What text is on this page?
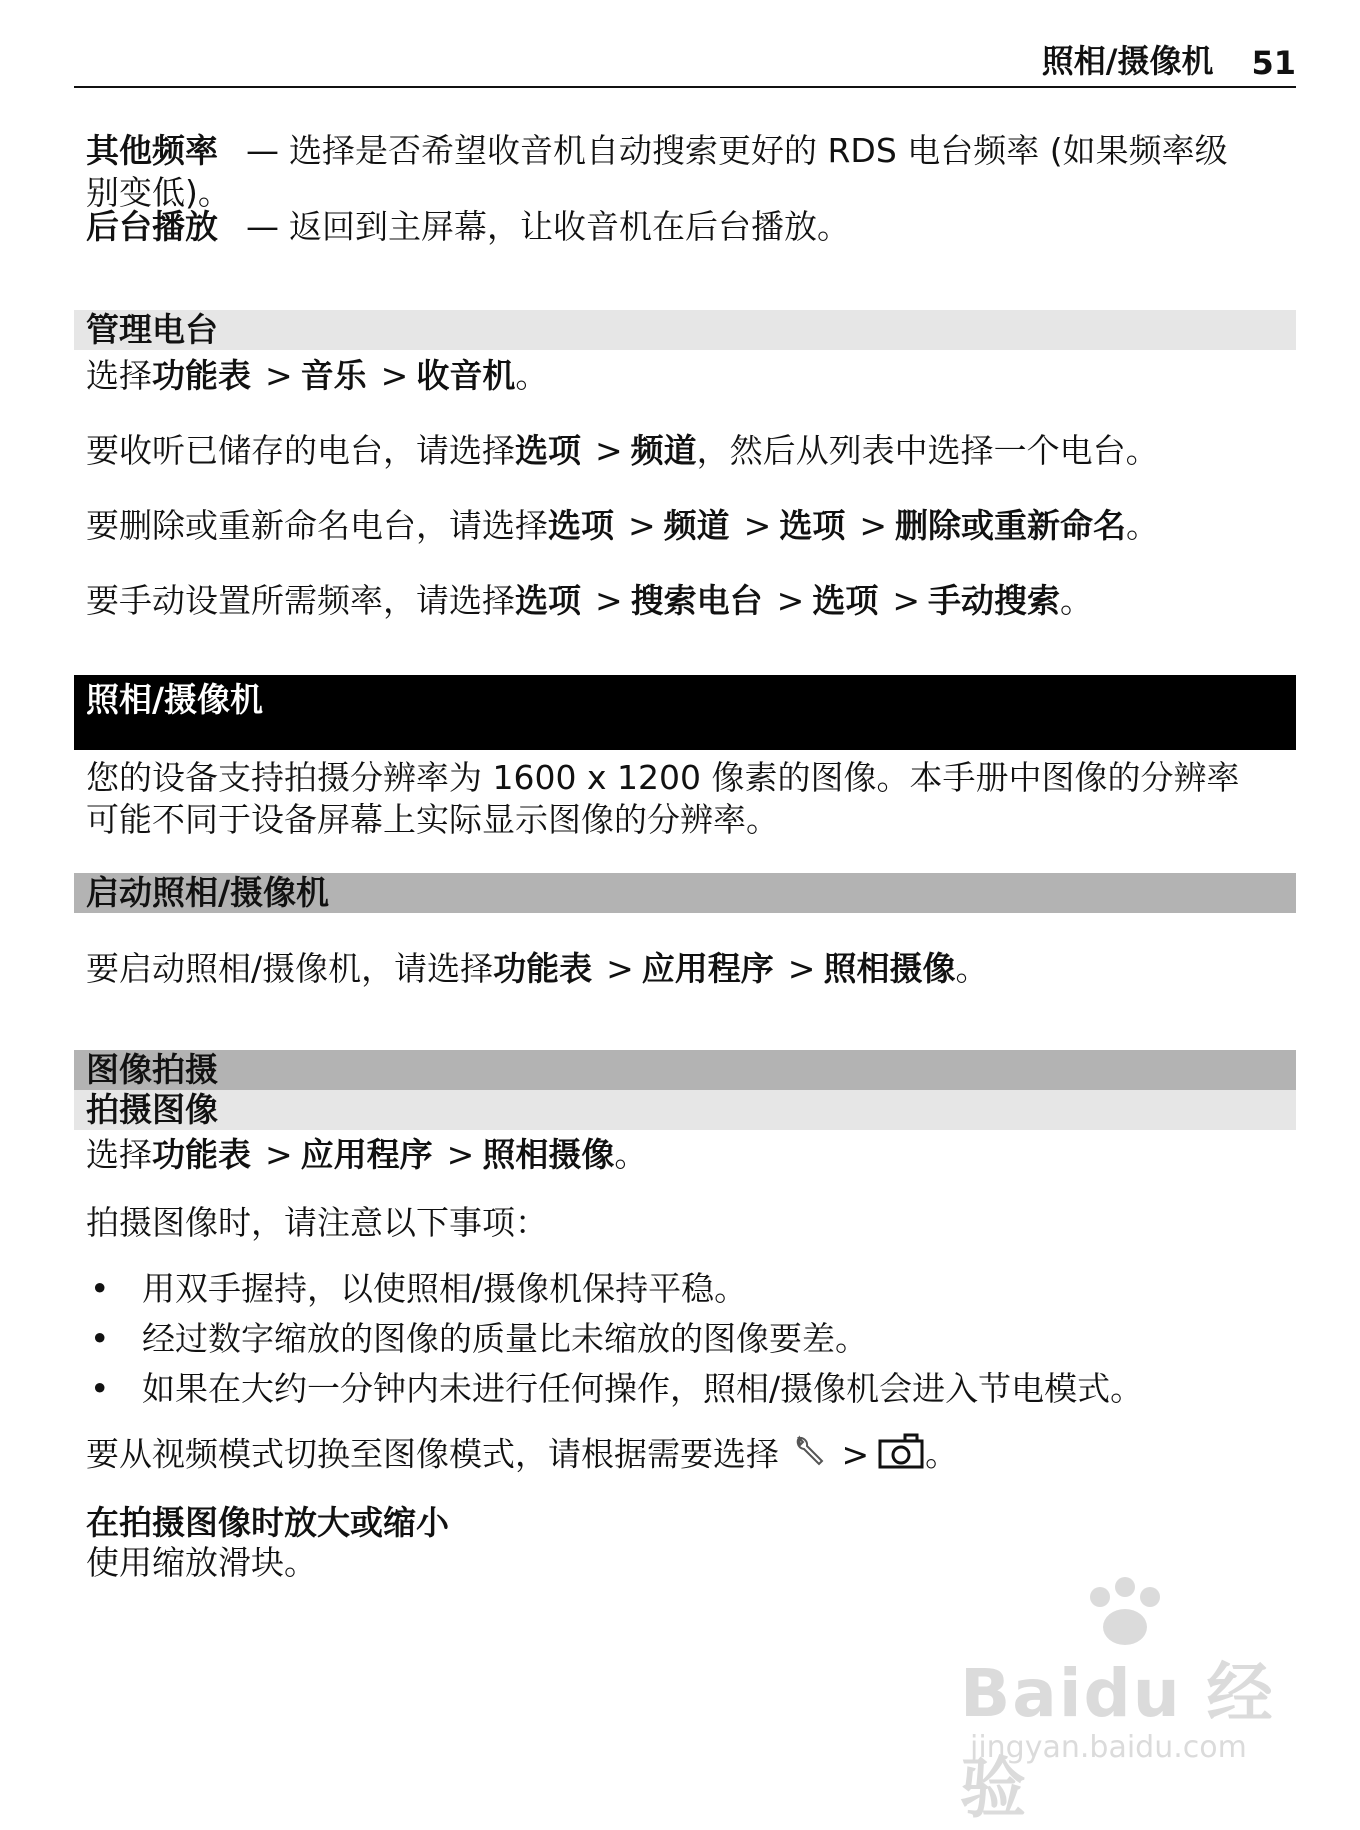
照相/摄像机 51
其他频率 — 选择是否希望收音机自动搜索更好的 RDS 电台频率 (如果频率级
别变低)。
后台播放 — 返回到主屏幕，让收音机在后台播放。
管理电台
选择功能表 > 音乐 > 收音机。
要收听已储存的电台，请选择选项 > 频道，然后从列表中选择一个电台。
要删除或重新命名电台，请选择选项 > 频道 > 选项 > 删除或重新命名。
要手动设置所需频率，请选择选项 > 搜索电台 > 选项 > 手动搜索。
照相/摄像机
您的设备支持拍摄分辨率为 1600 x 1200 像素的图像。本手册中图像的分辨率
可能不同于设备屏幕上实际显示图像的分辨率。
启动照相/摄像机
要启动照相/摄像机，请选择功能表 > 应用程序 > 照相摄像。
图像拍摄
拍摄图像
选择功能表 > 应用程序 > 照相摄像。
拍摄图像时，请注意以下事项：
• 用双手握持，以使照相/摄像机保持平稳。
• 经过数字缩放的图像的质量比未缩放的图像要差。
• 如果在大约一分钟内未进行任何操作，照相/摄像机会进入节电模式。
要从视频模式切换至图像模式，请根据需要选择 > 。
在拍摄图像时放大或缩小
使用缩放滑块。
Baidu 经验
jingyan.baidu.com
